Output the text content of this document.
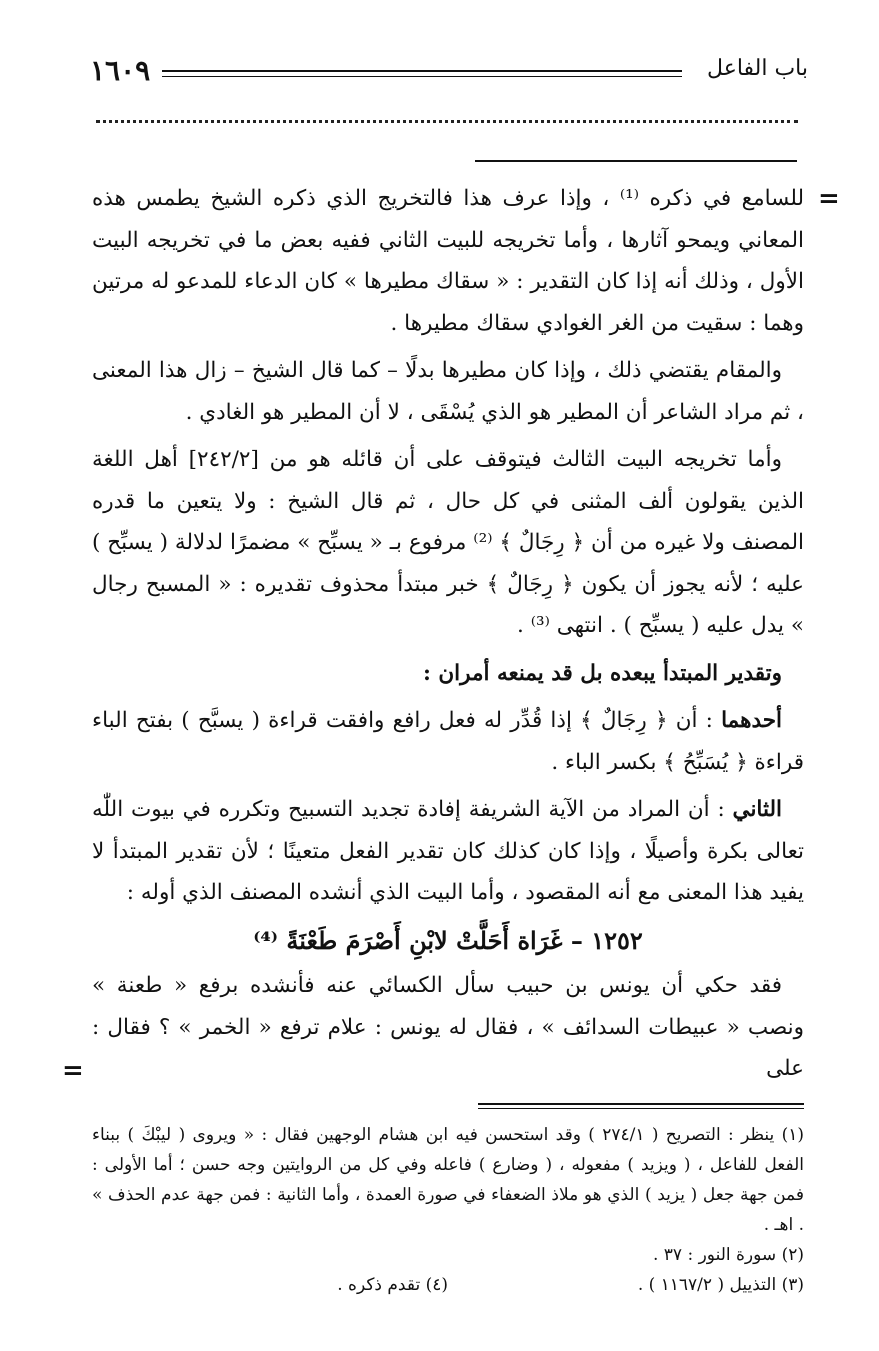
١٦٠٩	باب الفاعل
=

للسامع في ذكره ⁽¹⁾ ، وإذا عرف هذا فالتخريج الذي ذكره الشيخ يطمس هذه المعاني ويمحو آثارها ، وأما تخريجه للبيت الثاني ففيه بعض ما في تخريجه البيت الأول ، وذلك أنه إذا كان التقدير : « سقاك مطيرها » كان الدعاء للمدعو له مرتين وهما : سقيت من الغر الغوادي سقاك مطيرها .

والمقام يقتضي ذلك ، وإذا كان مطيرها بدلًا – كما قال الشيخ – زال هذا المعنى ، ثم مراد الشاعر أن المطير هو الذي يُسْقَى ، لا أن المطير هو الغادي .

وأما تخريجه البيت الثالث فيتوقف على أن قائله هو من [٢٤٢/٢] أهل اللغة الذين يقولون ألف المثنى في كل حال ، ثم قال الشيخ : ولا يتعين ما قدره المصنف ولا غيره من أن ﴿ رِجَالٌ ﴾ ⁽²⁾ مرفوع بـ « يسبِّح » مضمرًا لدلالة ( يسبِّح ) عليه ؛ لأنه يجوز أن يكون ﴿ رِجَالٌ ﴾ خبر مبتدأ محذوف تقديره : « المسبح رجال » يدل عليه ( يسبِّح ) . انتهى ⁽³⁾ .

وتقدير المبتدأ يبعده بل قد يمنعه أمران :

أحدهما : أن ﴿ رِجَالٌ ﴾ إذا قُدِّر له فعل رافع وافقت قراءة ( يسبَّح ) بفتح الباء قراءة ﴿ يُسَبِّحُ ﴾ بكسر الباء .

الثاني : أن المراد من الآية الشريفة إفادة تجديد التسبيح وتكرره في بيوت اللّٰه تعالى بكرة وأصيلًا ، وإذا كان كذلك كان تقدير الفعل متعينًا ؛ لأن تقدير المبتدأ لا يفيد هذا المعنى مع أنه المقصود ، وأما البيت الذي أنشده المصنف الذي أوله :

١٢٥٢ – غَرَاة أَحَلَّتْ لابْنِ أَصْرَمَ طَعْنَةً ⁽⁴⁾

فقد حكي أن يونس بن حبيب سأل الكسائي عنه فأنشده برفع « طعنة » ونصب « عبيطات السدائف » ، فقال له يونس : علام ترفع « الخمر » ؟ فقال : على

=

(١) ينظر : التصريح ( ٢٧٤/١ ) وقد استحسن فيه ابن هشام الوجهين فقال : « ويروى ( ليبْكَ ) ببناء الفعل للفاعل ، ( ويزيد ) مفعوله ، ( وضارع ) فاعله وفي كل من الروايتين وجه حسن ؛ أما الأولى : فمن جهة جعل ( يزيد ) الذي هو ملاذ الضعفاء في صورة العمدة ، وأما الثانية : فمن جهة عدم الحذف » . اهـ .

(٢) سورة النور : ٣٧ .
(٣) التذييل ( ١١٦٧/٢ ) .
(٤) تقدم ذكره .
